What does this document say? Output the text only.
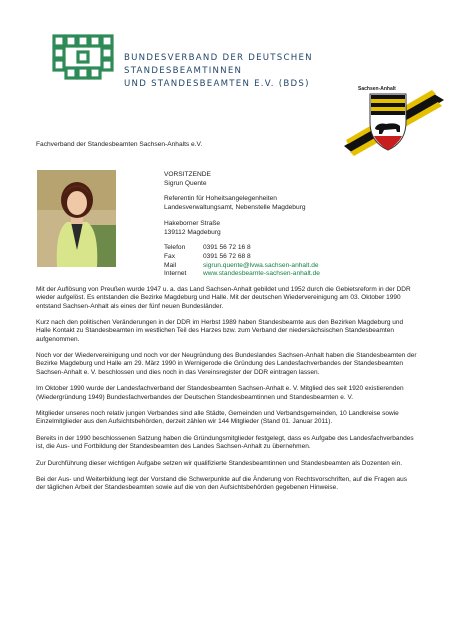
BUNDESVERBAND DER DEUTSCHEN STANDESBEAMTINNEN
UND STANDESBEAMTEN E.V. (BDS)	Sachsen-Anhalt
Fachverband der Standesbeamten Sachsen-Anhalts e.V.
VORSITZENDE
Sigrun Quente
Referentin für Hoheitsangelegenheiten
Landesverwaltungsamt, Nebenstelle Magdeburg
Hakeborner Straße
139112 Magdeburg
Telefon	0391 56 72 16 8
Fax	0391 56 72 68 8
Mail	sigrun.quente@lvwa.sachsen-anhalt.de
Internet	www.standesbeamte-sachsen-anhalt.de

Mit der Auflösung von Preußen wurde 1947 u. a. das Land Sachsen-Anhalt gebildet und 1952 durch die Gebietsreform in der DDR wieder aufgelöst. Es entstanden die Bezirke Magdeburg und Halle. Mit der deutschen Wiedervereinigung am 03. Oktober 1990 entstand Sachsen-Anhalt als eines der fünf neuen Bundesländer.

Kurz nach den politischen Veränderungen in der DDR im Herbst 1989 haben Standesbeamte aus den Bezirken Magdeburg und Halle Kontakt zu Standesbeamten im westlichen Teil des Harzes bzw. zum Verband der niedersächsischen Standesbeamten aufgenommen.

Noch vor der Wiedervereinigung und noch vor der Neugründung des Bundeslandes Sachsen-Anhalt haben die Standesbeamten der Bezirke Magdeburg und Halle am 29. März 1990 in Wernigerode die Gründung des Landesfachverbandes der Standesbeamten Sachsen-Anhalt e. V. beschlossen und dies noch in das Vereinsregister der DDR eintragen lassen.

Im Oktober 1990 wurde der Landesfachverband der Standesbeamten Sachsen-Anhalt e. V. Mitglied des seit 1920 existierenden (Wiedergründung 1949) Bundesfachverbandes der Deutschen Standesbeamtinnen und Standesbeamten e. V.

Mitglieder unseres noch relativ jungen Verbandes sind alle Städte, Gemeinden und Verbandsgemeinden, 10 Landkreise sowie Einzelmitglieder aus den Aufsichtsbehörden, derzeit zählen wir 144 Mitglieder (Stand 01. Januar 2011).

Bereits in der 1990 beschlossenen Satzung haben die Gründungsmitglieder festgelegt, dass es Aufgabe des Landesfachverbandes ist, die Aus- und Fortbildung der Standesbeamten des Landes Sachsen-Anhalt zu übernehmen.

Zur Durchführung dieser wichtigen Aufgabe setzen wir qualifizierte Standesbeamtinnen und Standesbeamten als Dozenten ein.

Bei der Aus- und Weiterbildung legt der Vorstand die Schwerpunkte auf die Änderung von Rechtsvorschriften, auf die Fragen aus der täglichen Arbeit der Standesbeamten sowie auf die von den Aufsichtsbehörden gegebenen Hinweise.
